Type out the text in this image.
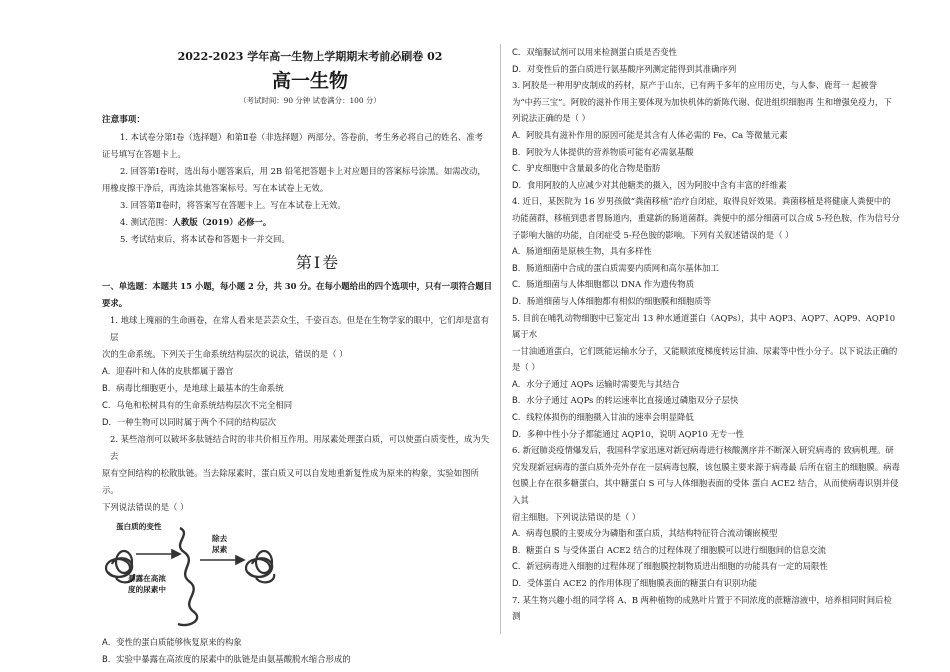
2022-2023 学年高一生物上学期期末考前必刷卷 02
高一生物
（考试时间：90 分钟 试卷满分：100 分）
注意事项：
1. 本试卷分第Ⅰ卷（选择题）和第Ⅱ卷（非选择题）两部分。答卷前，考生务必将自己的姓名、准考
证号填写在答题卡上。
2. 回答第Ⅰ卷时，选出每小题答案后，用 2B 铅笔把答题卡上对应题目的答案标号涂黑。如需改动，
用橡皮擦干净后，再选涂其他答案标号。写在本试卷上无效。
3. 回答第Ⅱ卷时，将答案写在答题卡上。写在本试卷上无效。
4. 测试范围：人教版（2019）必修一。
5. 考试结束后，将本试卷和答题卡一并交回。
第Ⅰ卷
一、单选题：本题共 15 小题，每小题 2 分，共 30 分。在每小题给出的四个选项中，只有一项符合题目要求。
1. 地球上瑰丽的生命画卷，在常人看来是芸芸众生，千姿百态。但是在生物学家的眼中，它们却是富有层
次的生命系统。下列关于生命系统结构层次的说法，错误的是（ ）
A．迎春叶和人体的皮肤都属于器官
B．病毒比细胞更小，是地球上最基本的生命系统
C．乌龟和松树具有的生命系统结构层次不完全相同
D．一种生物可以同时属于两个不同的结构层次
2. 某些溶剂可以破坏多肽链结合时的非共价相互作用。用尿素处理蛋白质，可以使蛋白质变性，成为失去
原有空间结构的松散肽链。当去除尿素时，蛋白质又可以自发地重新复性成为原来的构象，实验如图所示。
下列说法错误的是（ ）
蛋白质的变性
暴露在高浓
度的尿素中
除去
尿素
A．变性的蛋白质能够恢复原来的构象
B．实验中暴露在高浓度的尿素中的肽链是由氨基酸脱水缩合形成的
C．双缩脲试剂可以用来检测蛋白质是否变性
D．对变性后的蛋白质进行氨基酸序列测定能得到其准确序列
3. 阿胶是一种用驴皮制成的药材，原产于山东，已有两千多年的应用历史，与人参、鹿茸一 起被誉
为“中药三宝”。阿胶的滋补作用主要体现为加快机体的新陈代谢、促进组织细胞再 生和增强免疫力，下
列说法正确的是（ ）
A．阿胶具有滋补作用的原因可能是其含有人体必需的 Fe、Ca 等微量元素
B．阿胶为人体提供的营养物质可能有必需氨基酸
C．驴皮细胞中含量最多的化合物是脂肪
D．食用阿胶的人应减少对其他糖类的摄入，因为阿胶中含有丰富的纤维素
4. 近日，某医院为 16 岁男孩做“粪菌移植”治疗自闭症，取得良好效果。粪菌移植是将健康人粪便中的
功能菌群，移植到患者胃肠道内，重建新的肠道菌群。粪便中的部分细菌可以合成 5-羟色胺，作为信号分
子影响大脑的功能，自闭症受 5-羟色胺的影响。下列有关叙述错误的是（ ）
A．肠道细菌是原核生物，具有多样性
B．肠道细菌中合成的蛋白质需要内质网和高尔基体加工
C．肠道细菌与人体细胞都以 DNA 作为遗传物质
D．肠道细菌与人体细胞都有相似的细胞膜和细胞质等
5. 目前在哺乳动物细胞中已鉴定出 13 种水通道蛋白（AQPs），其中 AQP3、AQP7、AQP9、AQP10 属于水
一甘油通道蛋白，它们既能运输水分子，又能顺浓度梯度转运甘油、尿素等中性小分子。以下说法正确的
是（ ）
A．水分子通过 AQPs 运输时需要先与其结合
B．水分子通过 AQPs 的转运速率比直接通过磷脂双分子层快
C．线粒体损伤的细胞摄入甘油的速率会明显降低
D．多种中性小分子都能通过 AQP10，说明 AQP10 无专一性
6. 新冠肺炎疫情爆发后，我国科学家迅速对新冠病毒进行核酸测序并不断深入研究病毒的 致病机理。研
究发现新冠病毒的蛋白质外壳外存在一层病毒包膜，该包膜主要来源于病毒最 后所在宿主的细胞膜。病毒
包膜上存在很多糖蛋白，其中糖蛋白 S 可与人体细胞表面的受体 蛋白 ACE2 结合，从而使病毒识别并侵入其
宿主细胞。下列说法错误的是（ ）
A．病毒包膜的主要成分为磷脂和蛋白质，其结构特征符合流动镶嵌模型
B．糖蛋白 S 与受体蛋白 ACE2 结合的过程体现了细胞膜可以进行细胞间的信息交流
C．新冠病毒进入细胞的过程体现了细胞膜控制物质进出细胞的功能具有一定的局限性
D．受体蛋白 ACE2 的作用体现了细胞膜表面的糖蛋白有识别功能
7. 某生物兴趣小组的同学将 A、B 两种植物的成熟叶片置于不同浓度的蔗糖溶液中，培养相同时间后检测
